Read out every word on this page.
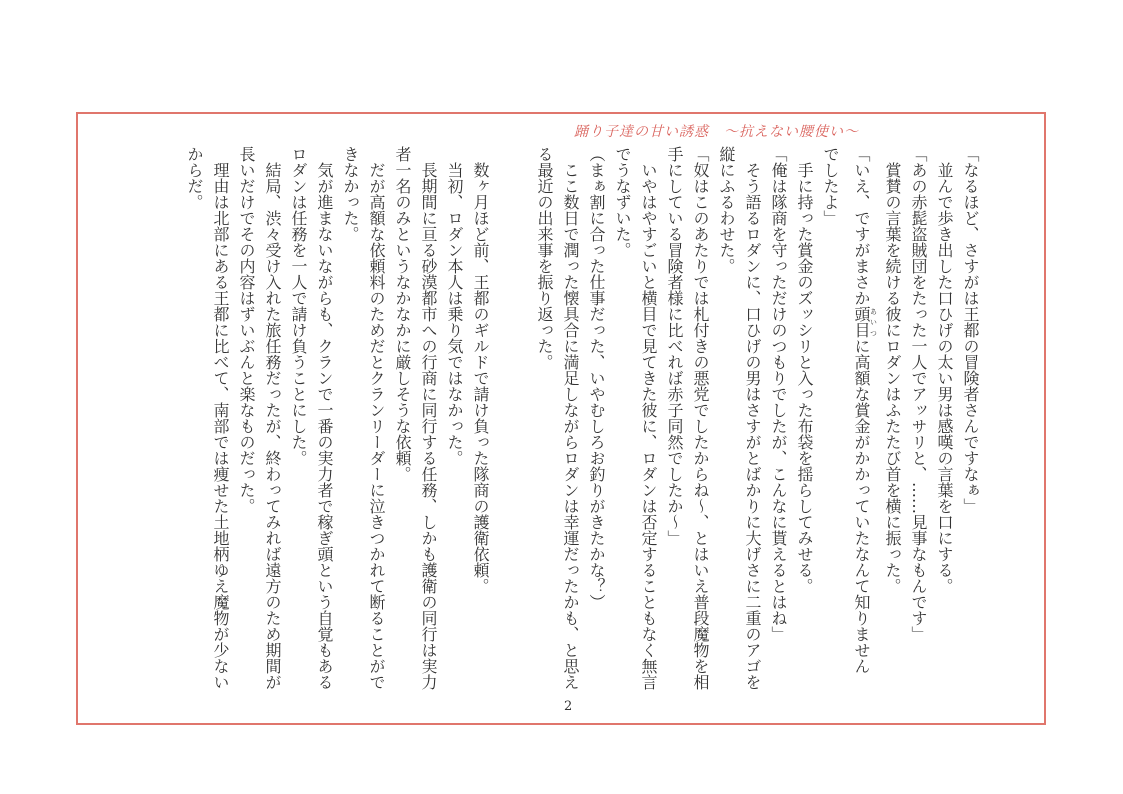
踊り子達の甘い誘惑　～抗えない腰使い～

「なるほど、さすがは王都の冒険者さんですなぁ」

　並んで歩き出した口ひげの太い男は感嘆の言葉を口にする。

「あの赤髭盗賊団をたった一人でアッサリと、……見事なもんです」

　賞賛の言葉を続ける彼にロダンはふたたび首を横に振った。

「いえ、ですがまさか頭目あいつに高額な賞金がかかっていたなんて知りません

でしたよ」

　手に持った賞金のズッシリと入った布袋を揺らしてみせる。

「俺は隊商を守っただけのつもりでしたが、こんなに貰えるとはね」

　そう語るロダンに、口ひげの男はさすがとばかりに大げさに二重のアゴを

縦にふるわせた。

「奴はこのあたりでは札付きの悪党でしたからね～、とはいえ普段魔物を相

手にしている冒険者様に比べれば赤子同然でしたか～」

　いやはやすごいと横目で見てきた彼に、ロダンは否定することもなく無言

でうなずいた。

（まぁ割に合った仕事だった、いやむしろお釣りがきたかな？）

　ここ数日で潤った懐具合に満足しながらロダンは幸運だったかも、と思え

る最近の出来事を振り返った。

　数ヶ月ほど前、王都のギルドで請け負った隊商の護衛依頼。

　当初、ロダン本人は乗り気ではなかった。

　長期間に亘る砂漠都市への行商に同行する任務、しかも護衛の同行は実力

者一名のみというなかなかに厳しそうな依頼。

　だが高額な依頼料のためだとクランリーダーに泣きつかれて断ることがで

きなかった。

　気が進まないながらも、クランで一番の実力者で稼ぎ頭という自覚もある

ロダンは任務を一人で請け負うことにした。

　結局、渋々受け入れた旅任務だったが、終わってみれば遠方のため期間が

長いだけでその内容はずいぶんと楽なものだった。

　理由は北部にある王都に比べて、南部では痩せた土地柄ゆえ魔物が少ない

からだ。

2
